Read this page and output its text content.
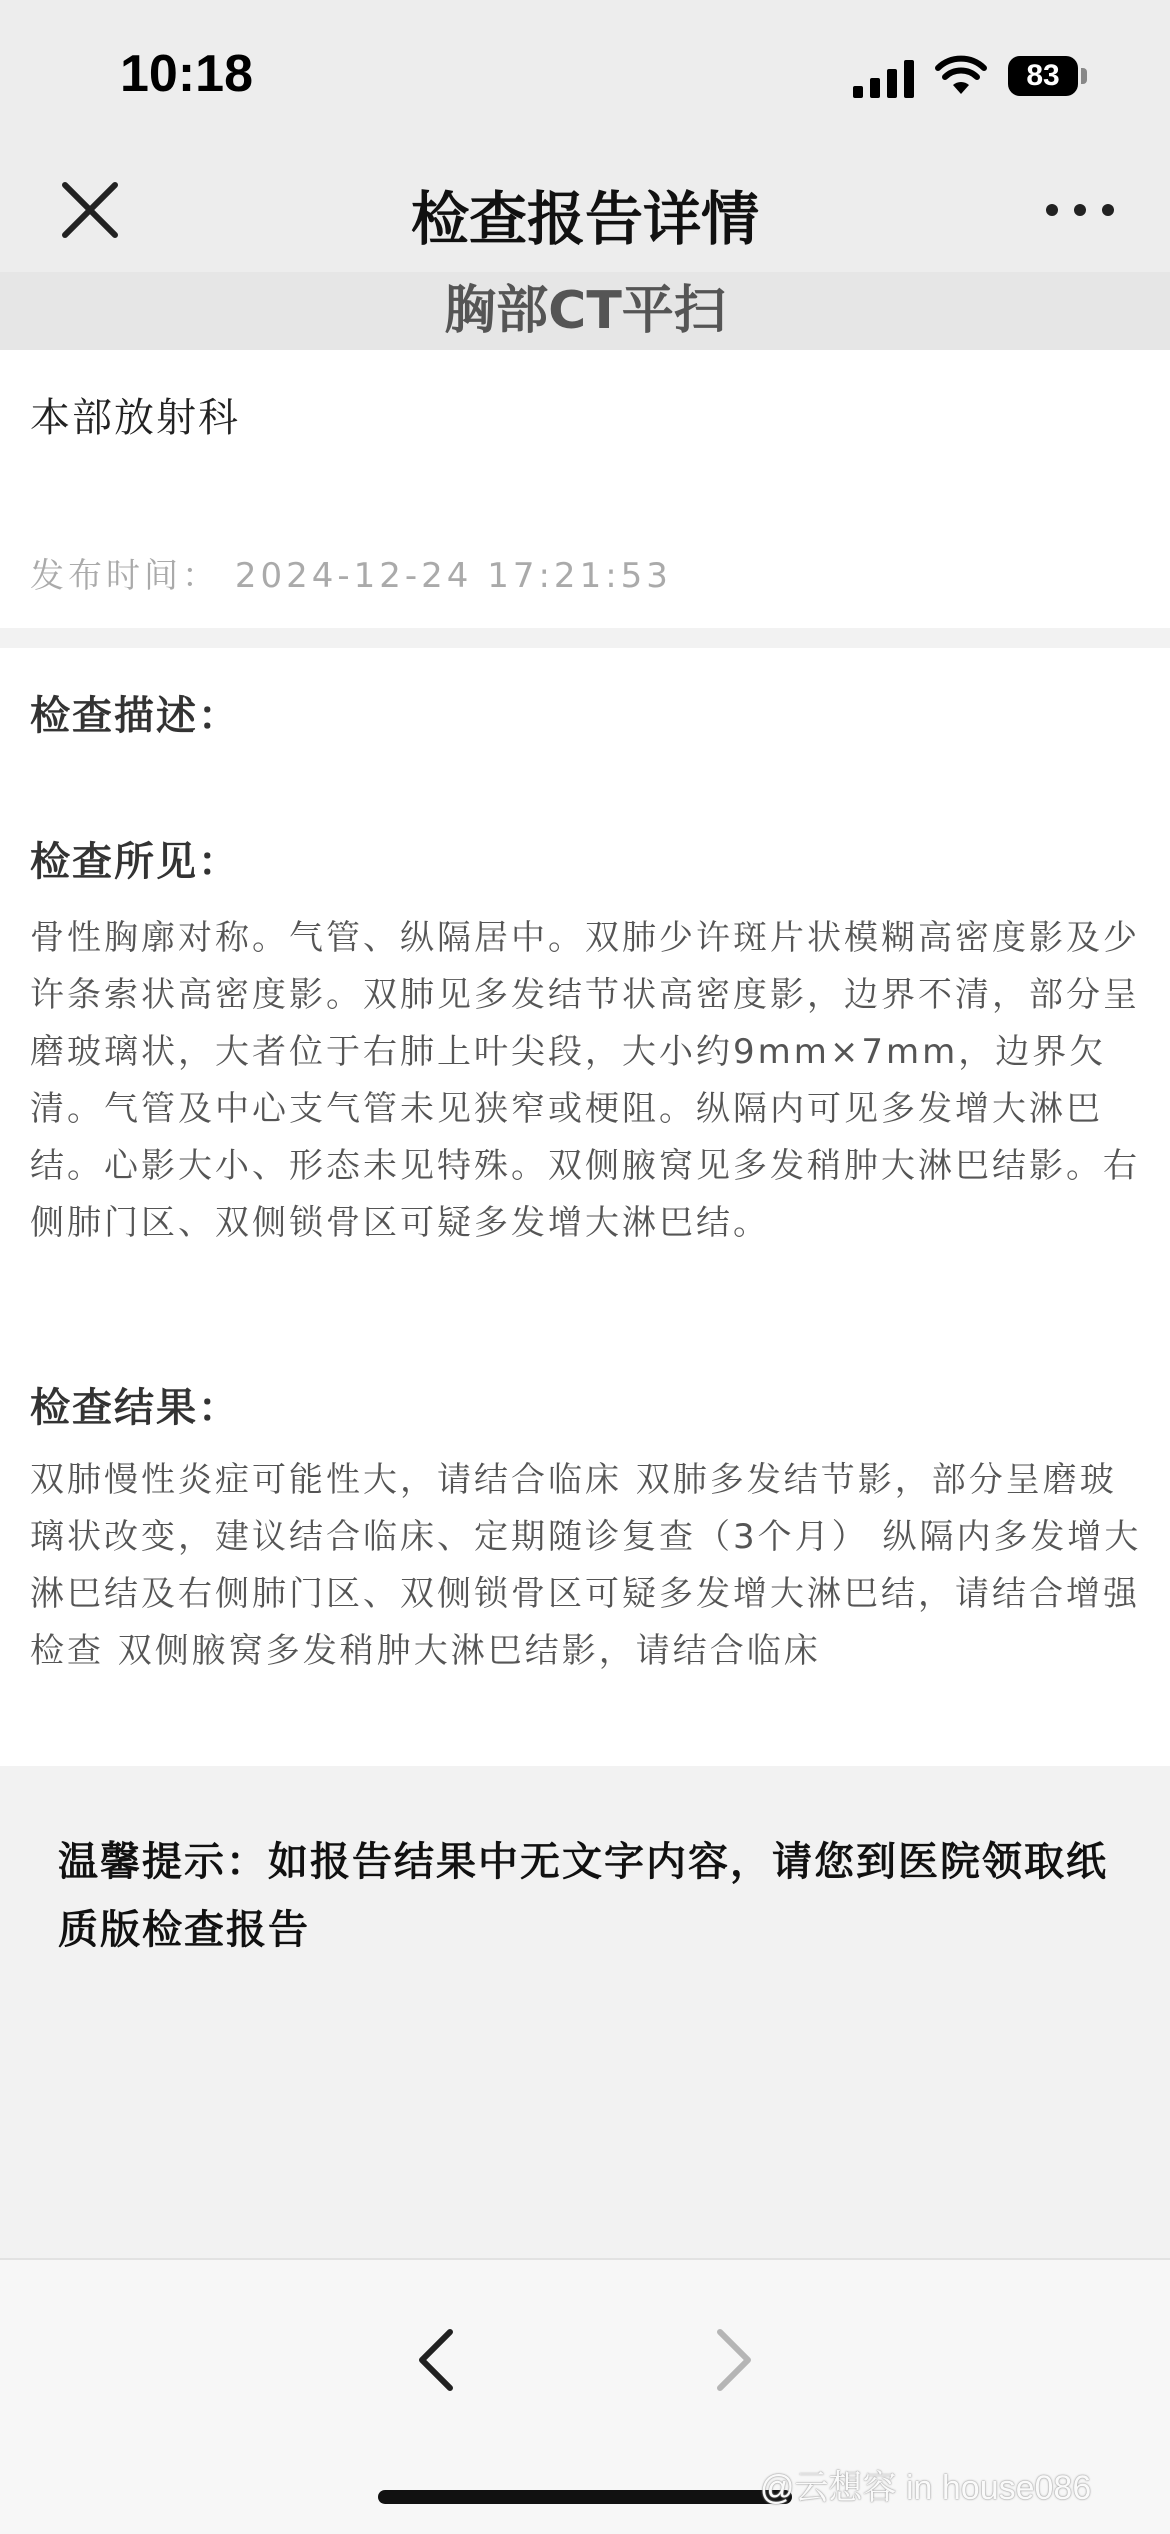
10:18	83
检查报告详情
胸部CT平扫
本部放射科
发布时间： 2024-12-24 17:21:53
检查描述：
检查所见：
骨性胸廓对称。气管、纵隔居中。双肺少许斑片状模糊高密度影及少许条索状高密度影。双肺见多发结节状高密度影，边界不清，部分呈磨玻璃状，大者位于右肺上叶尖段，大小约9mm×7mm，边界欠清。气管及中心支气管未见狭窄或梗阻。纵隔内可见多发增大淋巴结。心影大小、形态未见特殊。双侧腋窝见多发稍肿大淋巴结影。右侧肺门区、双侧锁骨区可疑多发增大淋巴结。
检查结果：
双肺慢性炎症可能性大，请结合临床 双肺多发结节影，部分呈磨玻璃状改变，建议结合临床、定期随诊复查（3个月） 纵隔内多发增大淋巴结及右侧肺门区、双侧锁骨区可疑多发增大淋巴结，请结合增强检查 双侧腋窝多发稍肿大淋巴结影，请结合临床
温馨提示：如报告结果中无文字内容，请您到医院领取纸质版检查报告
@云想容 in house086
